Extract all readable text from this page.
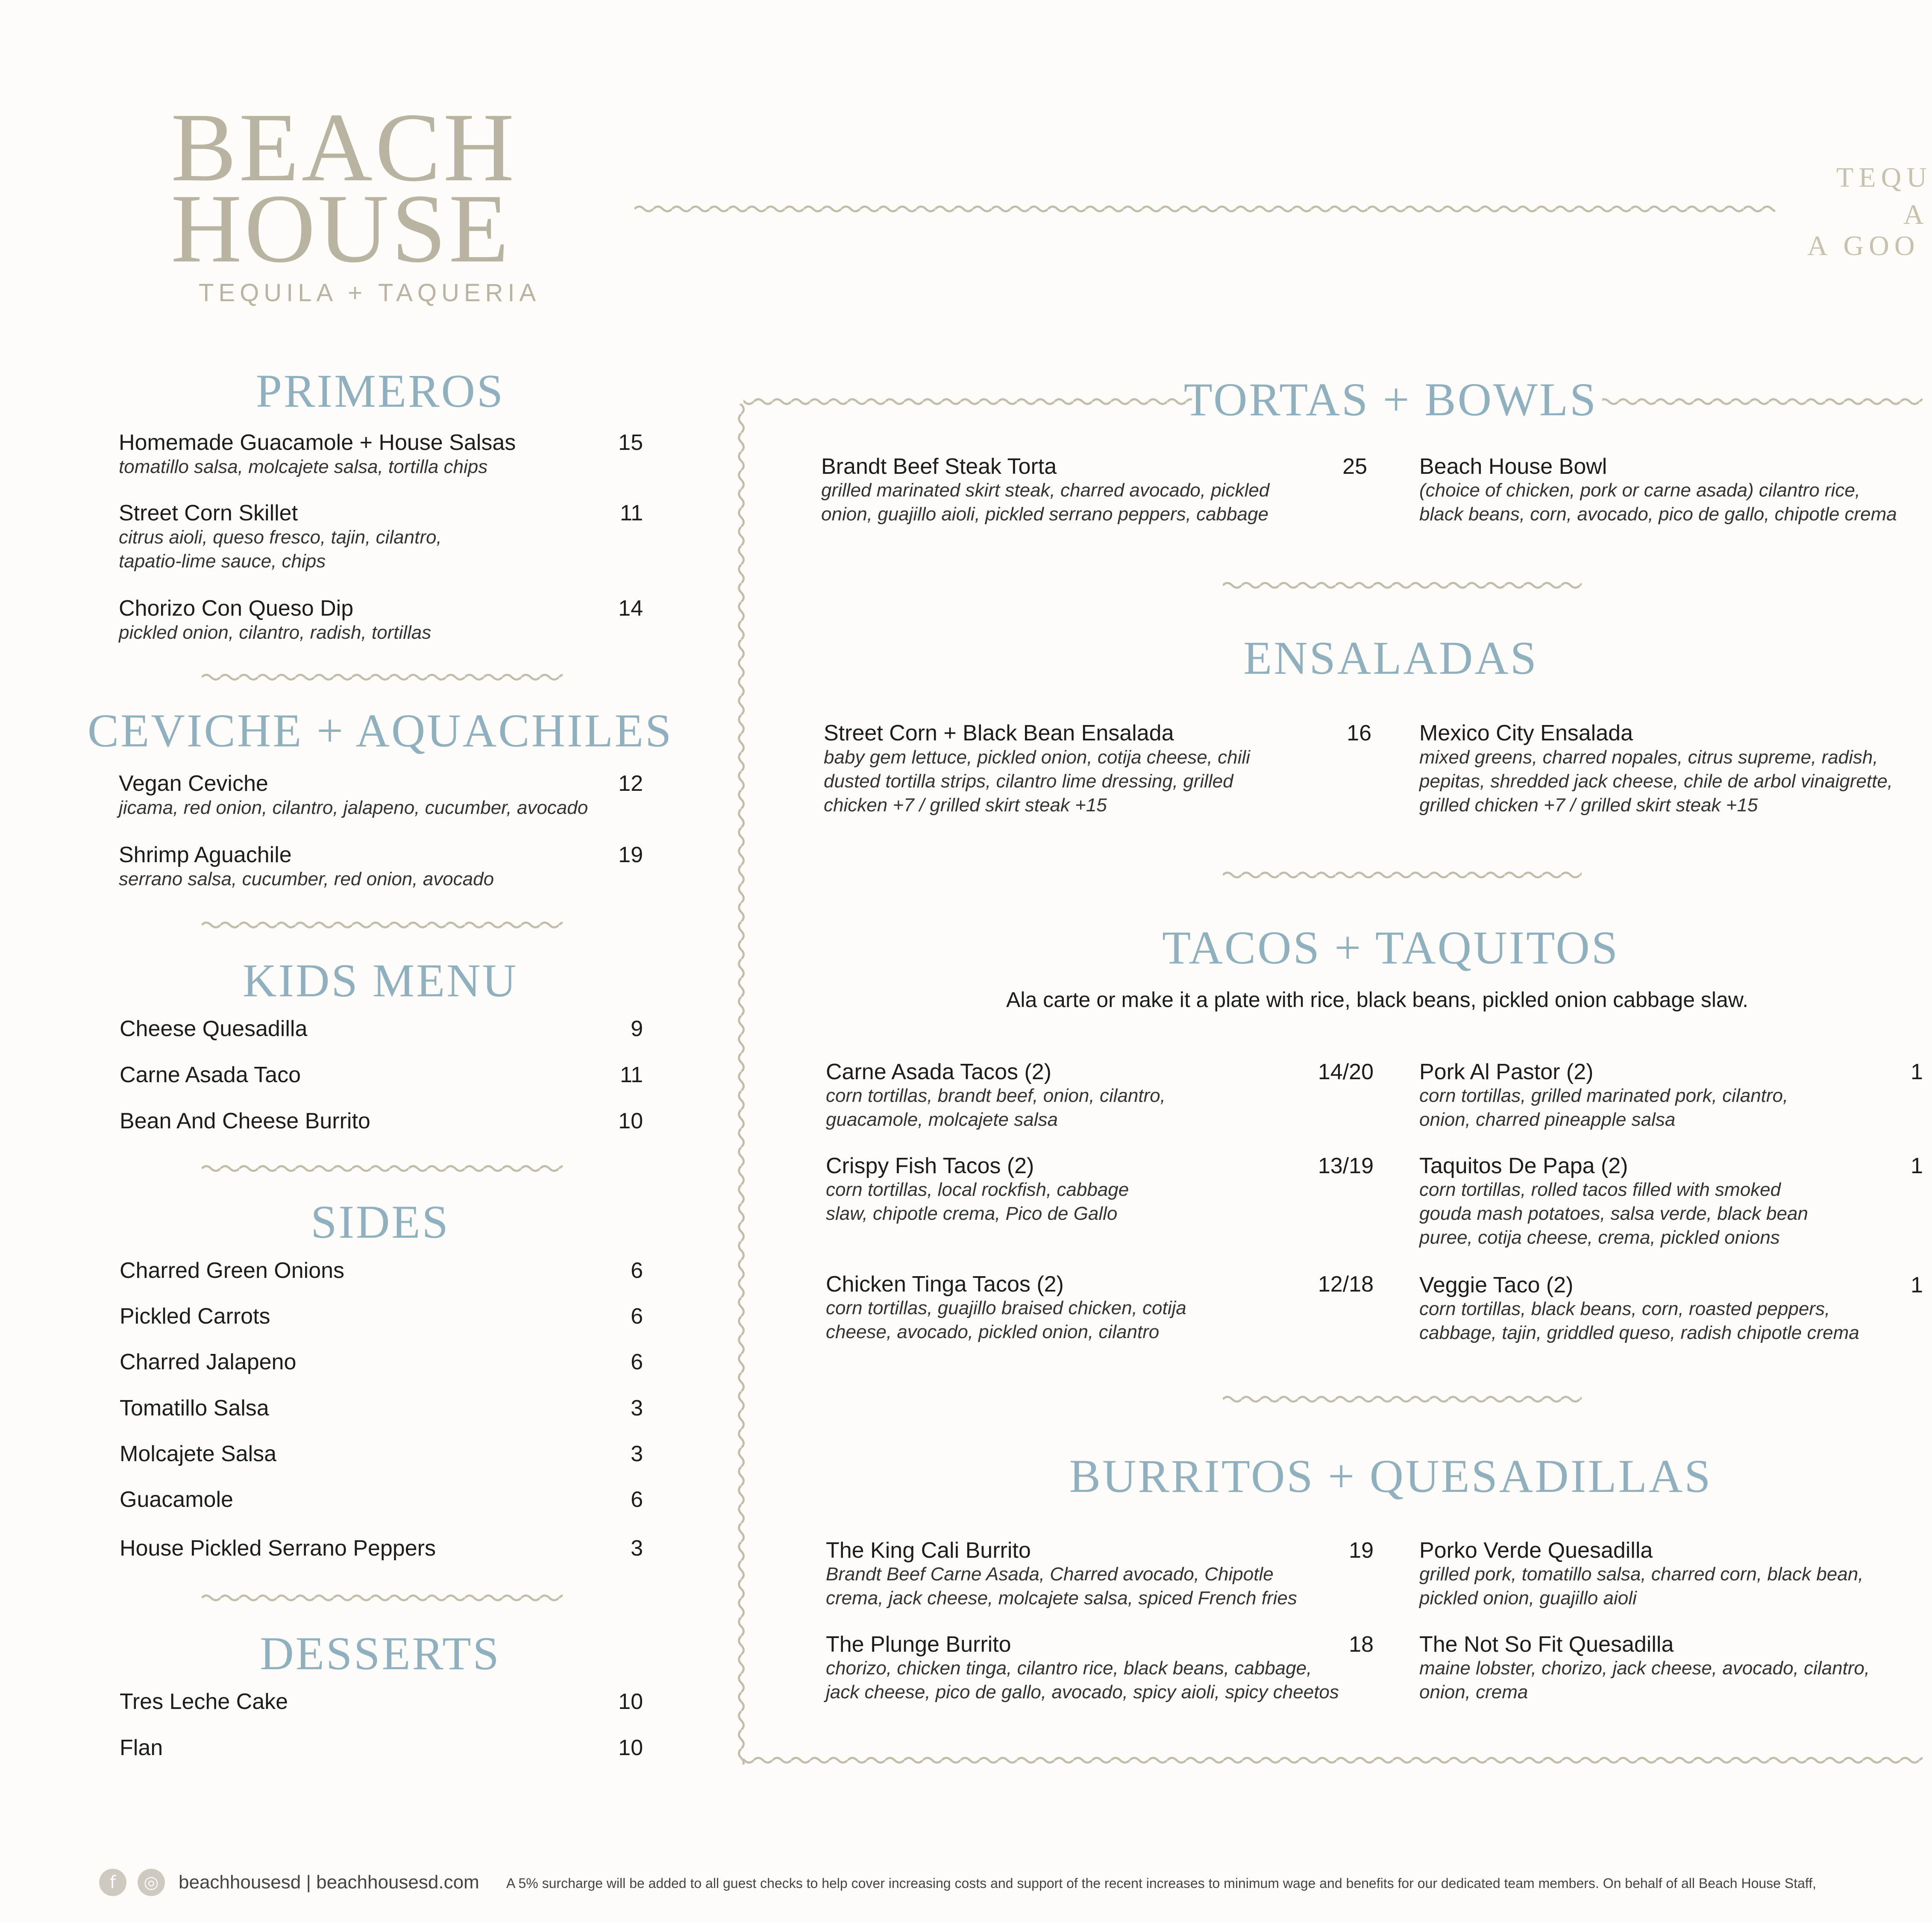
BEACH
HOUSE
TEQUILA + TAQUERIA
TEQU
A
A GOO
PRIMEROS
Homemade Guacamole + House Salsas	15
tomatillo salsa, molcajete salsa, tortilla chips
Street Corn Skillet	11
citrus aioli, queso fresco, tajin, cilantro,
tapatio-lime sauce, chips
Chorizo Con Queso Dip	14
pickled onion, cilantro, radish, tortillas
CEVICHE + AQUACHILES
Vegan Ceviche	12
jicama, red onion, cilantro, jalapeno, cucumber, avocado
Shrimp Aguachile	19
serrano salsa, cucumber, red onion, avocado
KIDS MENU
Cheese Quesadilla	9
Carne Asada Taco	11
Bean And Cheese Burrito	10
SIDES
Charred Green Onions	6
Pickled Carrots	6
Charred Jalapeno	6
Tomatillo Salsa	3
Molcajete Salsa	3
Guacamole	6
House Pickled Serrano Peppers	3
DESSERTS
Tres Leche Cake	10
Flan	10
TORTAS + BOWLS
Brandt Beef Steak Torta	25
grilled marinated skirt steak, charred avocado, pickled
onion, guajillo aioli, pickled serrano peppers, cabbage
Beach House Bowl
(choice of chicken, pork or carne asada) cilantro rice,
black beans, corn, avocado, pico de gallo, chipotle crema
ENSALADAS
Street Corn + Black Bean Ensalada	16
baby gem lettuce, pickled onion, cotija cheese, chili
dusted tortilla strips, cilantro lime dressing, grilled
chicken +7 / grilled skirt steak +15
Mexico City Ensalada
mixed greens, charred nopales, citrus supreme, radish,
pepitas, shredded jack cheese, chile de arbol vinaigrette,
grilled chicken +7 / grilled skirt steak +15
TACOS + TAQUITOS
Ala carte or make it a plate with rice, black beans, pickled onion cabbage slaw.
Carne Asada Tacos (2)	14/20
corn tortillas, brandt beef, onion, cilantro,
guacamole, molcajete salsa
Crispy Fish Tacos (2)	13/19
corn tortillas, local rockfish, cabbage
slaw, chipotle crema, Pico de Gallo
Chicken Tinga Tacos (2)	12/18
corn tortillas, guajillo braised chicken, cotija
cheese, avocado, pickled onion, cilantro
Pork Al Pastor (2)	1
corn tortillas, grilled marinated pork, cilantro,
onion, charred pineapple salsa
Taquitos De Papa (2)	1
corn tortillas, rolled tacos filled with smoked
gouda mash potatoes, salsa verde, black bean
puree, cotija cheese, crema, pickled onions
Veggie Taco (2)	1
corn tortillas, black beans, corn, roasted peppers,
cabbage, tajin, griddled queso, radish chipotle crema
BURRITOS + QUESADILLAS
The King Cali Burrito	19
Brandt Beef Carne Asada, Charred avocado, Chipotle
crema, jack cheese, molcajete salsa, spiced French fries
The Plunge Burrito	18
chorizo, chicken tinga, cilantro rice, black beans, cabbage,
jack cheese, pico de gallo, avocado, spicy aioli, spicy cheetos
Porko Verde Quesadilla
grilled pork, tomatillo salsa, charred corn, black bean,
pickled onion, guajillo aioli
The Not So Fit Quesadilla
maine lobster, chorizo, jack cheese, avocado, cilantro,
onion, crema
f	◎	beachhousesd | beachhousesd.com A 5% surcharge will be added to all guest checks to help cover increasing costs and support of the recent increases to minimum wage and benefits for our dedicated team members. On behalf of all Beach House Staff,
